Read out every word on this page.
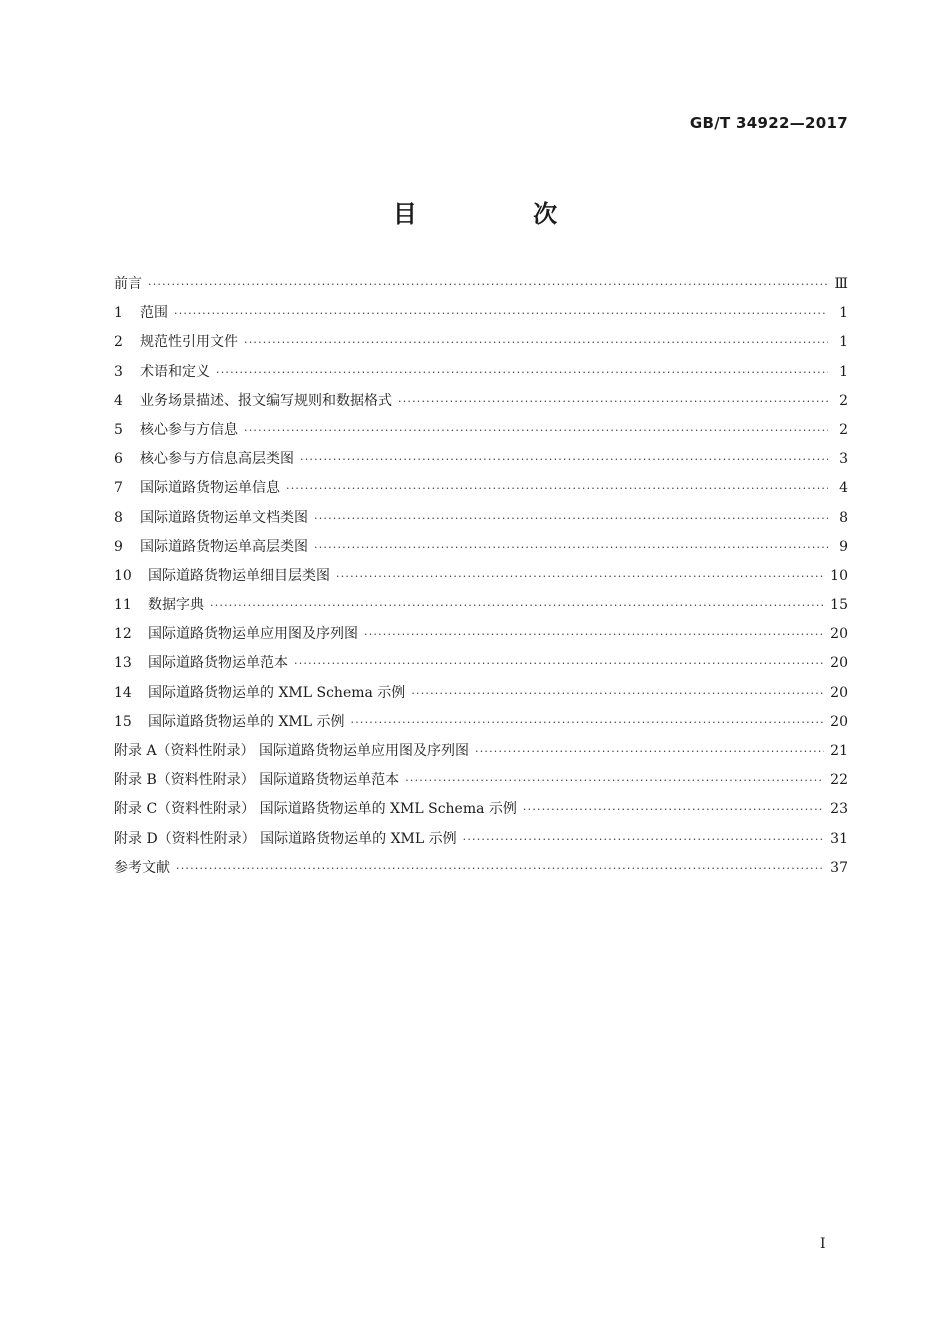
GB/T 34922—2017
目 次
前言 ·····	Ⅲ
1	范围 ·····	1
2	规范性引用文件 ·····	1
3	术语和定义 ·····	1
4	业务场景描述、报文编写规则和数据格式 ·····	2
5	核心参与方信息 ·····	2
6	核心参与方信息高层类图 ·····	3
7	国际道路货物运单信息 ·····	4
8	国际道路货物运单文档类图 ·····	8
9	国际道路货物运单高层类图 ·····	9
10	国际道路货物运单细目层类图 ·····	10
11	数据字典 ·····	15
12	国际道路货物运单应用图及序列图 ·····	20
13	国际道路货物运单范本 ·····	20
14	国际道路货物运单的 XML Schema 示例 ·····	20
15	国际道路货物运单的 XML 示例 ·····	20
附录 A（资料性附录） 国际道路货物运单应用图及序列图 ·····	21
附录 B（资料性附录） 国际道路货物运单范本 ·····	22
附录 C（资料性附录） 国际道路货物运单的 XML Schema 示例 ·····	23
附录 D（资料性附录） 国际道路货物运单的 XML 示例 ·····	31
参考文献 ·····	37
I
